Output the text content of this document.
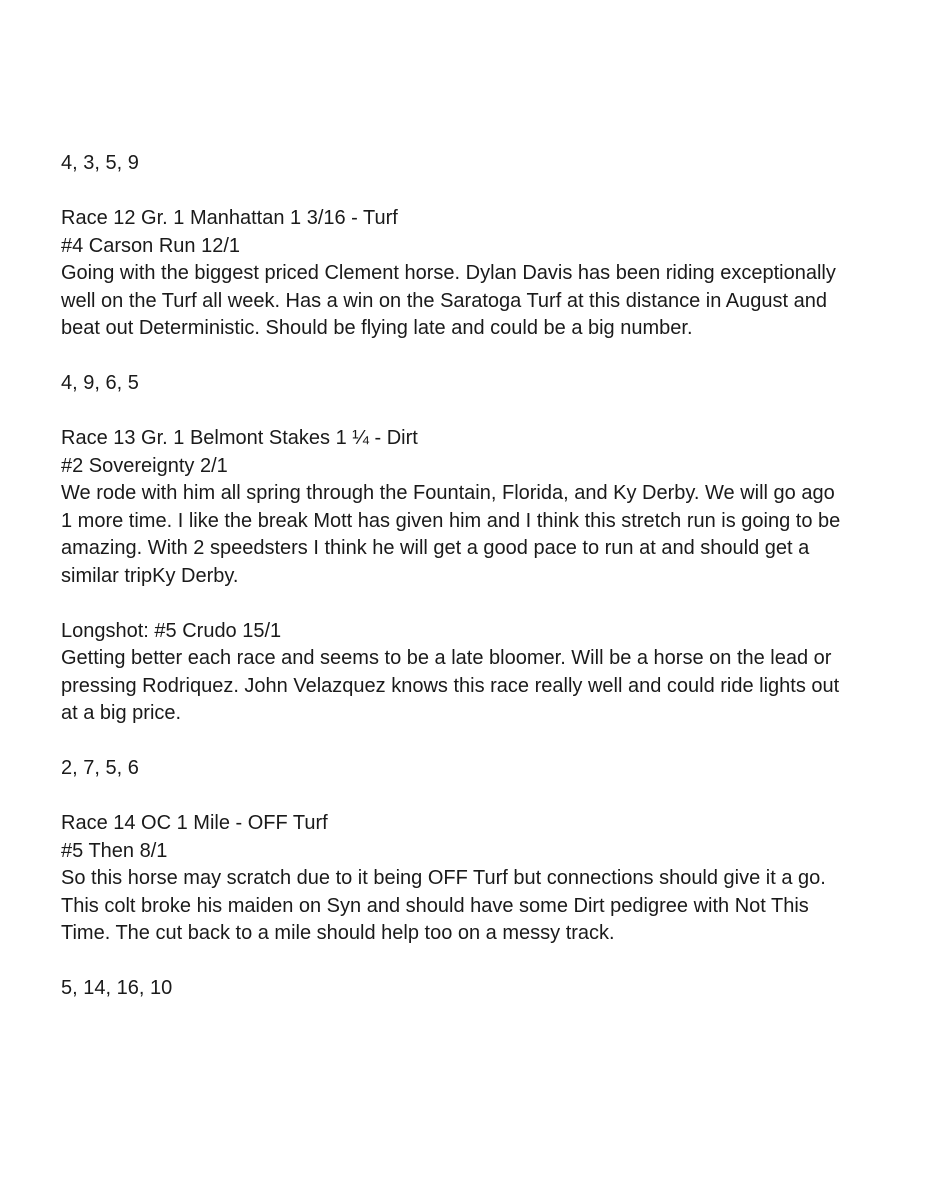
4, 3, 5, 9
Race 12 Gr. 1 Manhattan 1 3/16 - Turf
#4 Carson Run 12/1
Going with the biggest priced Clement horse. Dylan Davis has been riding exceptionally
well on the Turf all week. Has a win on the Saratoga Turf at this distance in August and
beat out Deterministic. Should be flying late and could be a big number.
4, 9, 6, 5
Race 13 Gr. 1 Belmont Stakes 1 ¼ - Dirt
#2 Sovereignty 2/1
We rode with him all spring through the Fountain, Florida, and Ky Derby. We will go ago
1 more time. I like the break Mott has given him and I think this stretch run is going to be
amazing. With 2 speedsters I think he will get a good pace to run at and should get a
similar tripKy Derby.
Longshot: #5 Crudo 15/1
Getting better each race and seems to be a late bloomer. Will be a horse on the lead or
pressing Rodriquez. John Velazquez knows this race really well and could ride lights out
at a big price.
2, 7, 5, 6
Race 14 OC 1 Mile - OFF Turf
#5 Then 8/1
So this horse may scratch due to it being OFF Turf but connections should give it a go.
This colt broke his maiden on Syn and should have some Dirt pedigree with Not This
Time. The cut back to a mile should help too on a messy track.
5, 14, 16, 10
